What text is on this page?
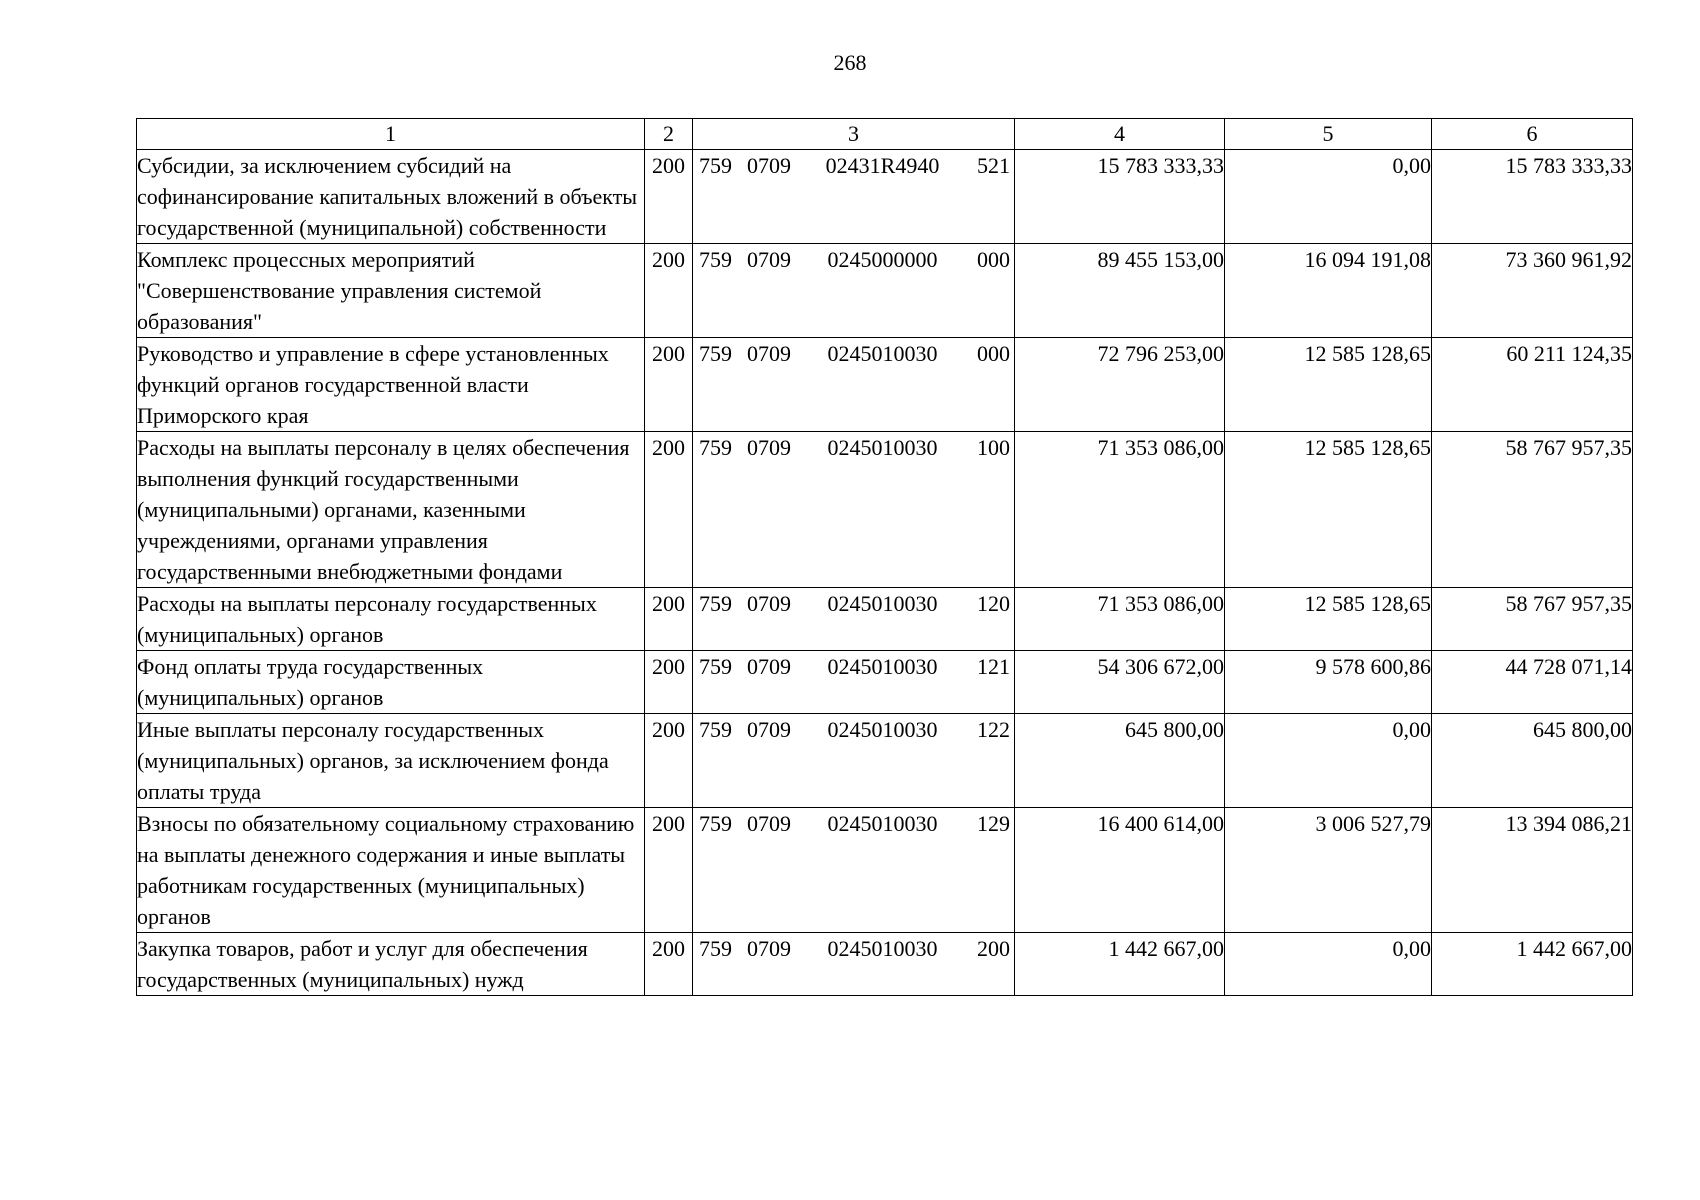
268
1	2	3	4	5	6
Субсидии, за исключением субсидий на софинансирование капитальных вложений в объекты государственной (муниципальной) собственности	200	759 0709 02431R4940 521	15 783 333,33	0,00	15 783 333,33
Комплекс процессных мероприятий "Совершенствование управления системой образования"	200	759 0709 0245000000 000	89 455 153,00	16 094 191,08	73 360 961,92
Руководство и управление в сфере установленных функций органов государственной власти Приморского края	200	759 0709 0245010030 000	72 796 253,00	12 585 128,65	60 211 124,35
Расходы на выплаты персоналу в целях обеспечения выполнения функций государственными (муниципальными) органами, казенными учреждениями, органами управления государственными внебюджетными фондами	200	759 0709 0245010030 100	71 353 086,00	12 585 128,65	58 767 957,35
Расходы на выплаты персоналу государственных (муниципальных) органов	200	759 0709 0245010030 120	71 353 086,00	12 585 128,65	58 767 957,35
Фонд оплаты труда государственных (муниципальных) органов	200	759 0709 0245010030 121	54 306 672,00	9 578 600,86	44 728 071,14
Иные выплаты персоналу государственных (муниципальных) органов, за исключением фонда оплаты труда	200	759 0709 0245010030 122	645 800,00	0,00	645 800,00
Взносы по обязательному социальному страхованию на выплаты денежного содержания и иные выплаты работникам государственных (муниципальных) органов	200	759 0709 0245010030 129	16 400 614,00	3 006 527,79	13 394 086,21
Закупка товаров, работ и услуг для обеспечения государственных (муниципальных) нужд	200	759 0709 0245010030 200	1 442 667,00	0,00	1 442 667,00
